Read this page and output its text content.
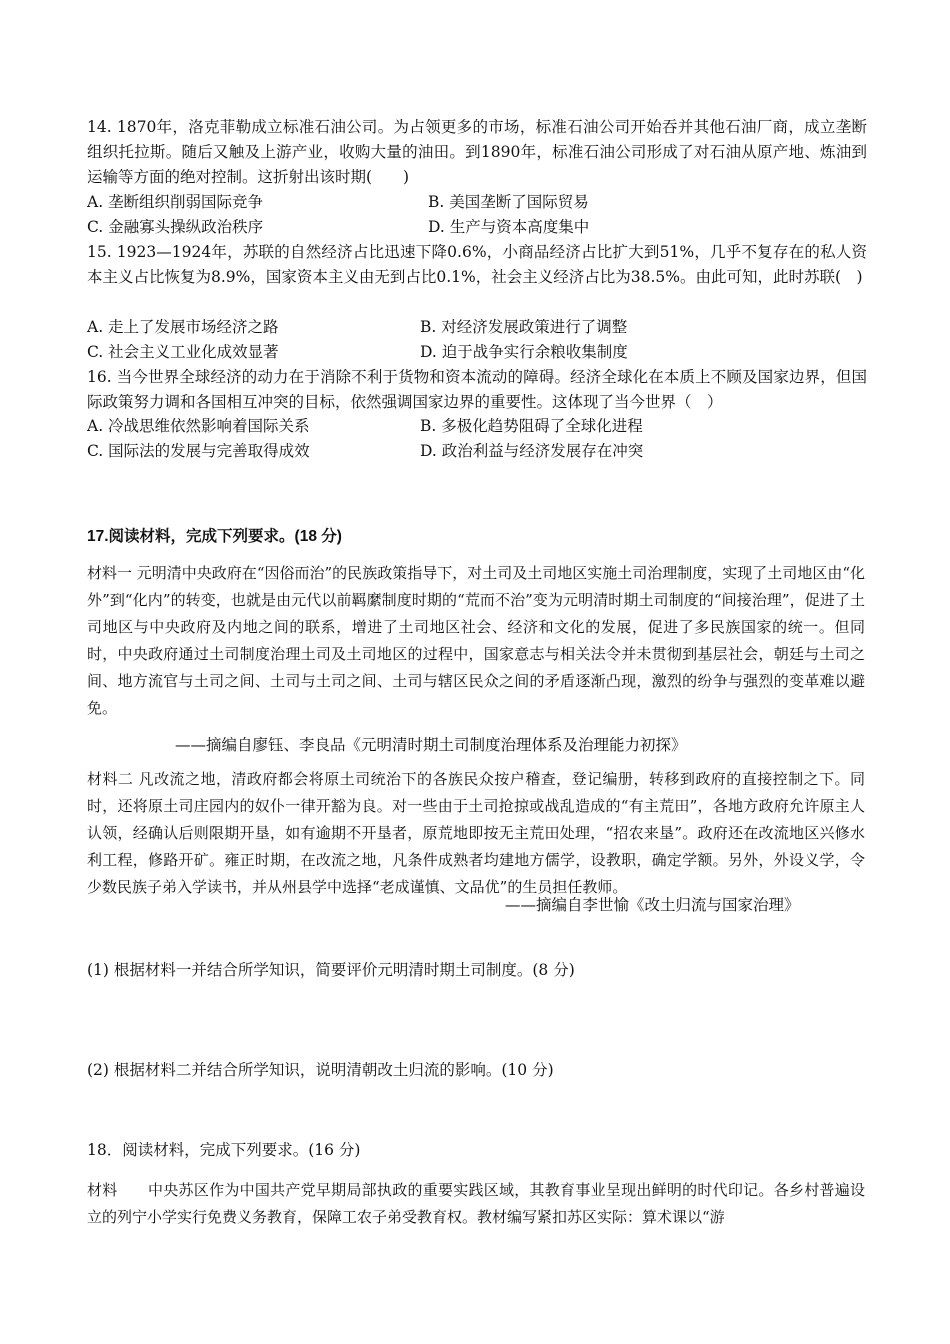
14. 1870年，洛克菲勒成立标准石油公司。为占领更多的市场，标准石油公司开始吞并其他石油厂商，成立垄断组织托拉斯。随后又触及上游产业，收购大量的油田。到1890年，标准石油公司形成了对石油从原产地、炼油到运输等方面的绝对控制。这折射出该时期(　　)
A. 垄断组织削弱国际竞争	B. 美国垄断了国际贸易
C. 金融寡头操纵政治秩序	D. 生产与资本高度集中
15. 1923—1924年，苏联的自然经济占比迅速下降0.6%，小商品经济占比扩大到51%，几乎不复存在的私人资本主义占比恢复为8.9%，国家资本主义由无到占比0.1%，社会主义经济占比为38.5%。由此可知，此时苏联(　)
A. 走上了发展市场经济之路	B. 对经济发展政策进行了调整
C. 社会主义工业化成效显著	D. 迫于战争实行余粮收集制度
16. 当今世界全球经济的动力在于消除不利于货物和资本流动的障碍。经济全球化在本质上不顾及国家边界，但国际政策努力调和各国相互冲突的目标，依然强调国家边界的重要性。这体现了当今世界（　）
A. 冷战思维依然影响着国际关系	B. 多极化趋势阻碍了全球化进程
C. 国际法的发展与完善取得成效	D. 政治利益与经济发展存在冲突
17.阅读材料，完成下列要求。(18 分)
材料一 元明清中央政府在“因俗而治”的民族政策指导下，对土司及土司地区实施土司治理制度，实现了土司地区由“化外”到“化内”的转变，也就是由元代以前羁縻制度时期的“荒而不治”变为元明清时期土司制度的“间接治理”，促进了土司地区与中央政府及内地之间的联系，增进了土司地区社会、经济和文化的发展，促进了多民族国家的统一。但同时，中央政府通过土司制度治理土司及土司地区的过程中，国家意志与相关法令并未贯彻到基层社会，朝廷与土司之间、地方流官与土司之间、土司与土司之间、土司与辖区民众之间的矛盾逐渐凸现，激烈的纷争与强烈的变革难以避免。
——摘编自廖钰、李良品《元明清时期土司制度治理体系及治理能力初探》
材料二 凡改流之地，清政府都会将原土司统治下的各族民众按户稽查，登记编册，转移到政府的直接控制之下。同时，还将原土司庄园内的奴仆一律开豁为良。对一些由于土司抢掠或战乱造成的“有主荒田”，各地方政府允许原主人认领，经确认后则限期开垦，如有逾期不开垦者，原荒地即按无主荒田处理，“招农来垦”。政府还在改流地区兴修水利工程，修路开矿。雍正时期，在改流之地，凡条件成熟者均建地方儒学，设教职，确定学额。另外，外设义学，令少数民族子弟入学读书，并从州县学中选择“老成谨慎、文品优”的生员担任教师。
——摘编自李世愉《改土归流与国家治理》
(1) 根据材料一并结合所学知识，简要评价元明清时期土司制度。(8 分)
(2) 根据材料二并结合所学知识，说明清朝改土归流的影响。(10 分)
18．阅读材料，完成下列要求。(16 分)
材料　　中央苏区作为中国共产党早期局部执政的重要实践区域，其教育事业呈现出鲜明的时代印记。各乡村普遍设立的列宁小学实行免费义务教育，保障工农子弟受教育权。教材编写紧扣苏区实际：算术课以“游
